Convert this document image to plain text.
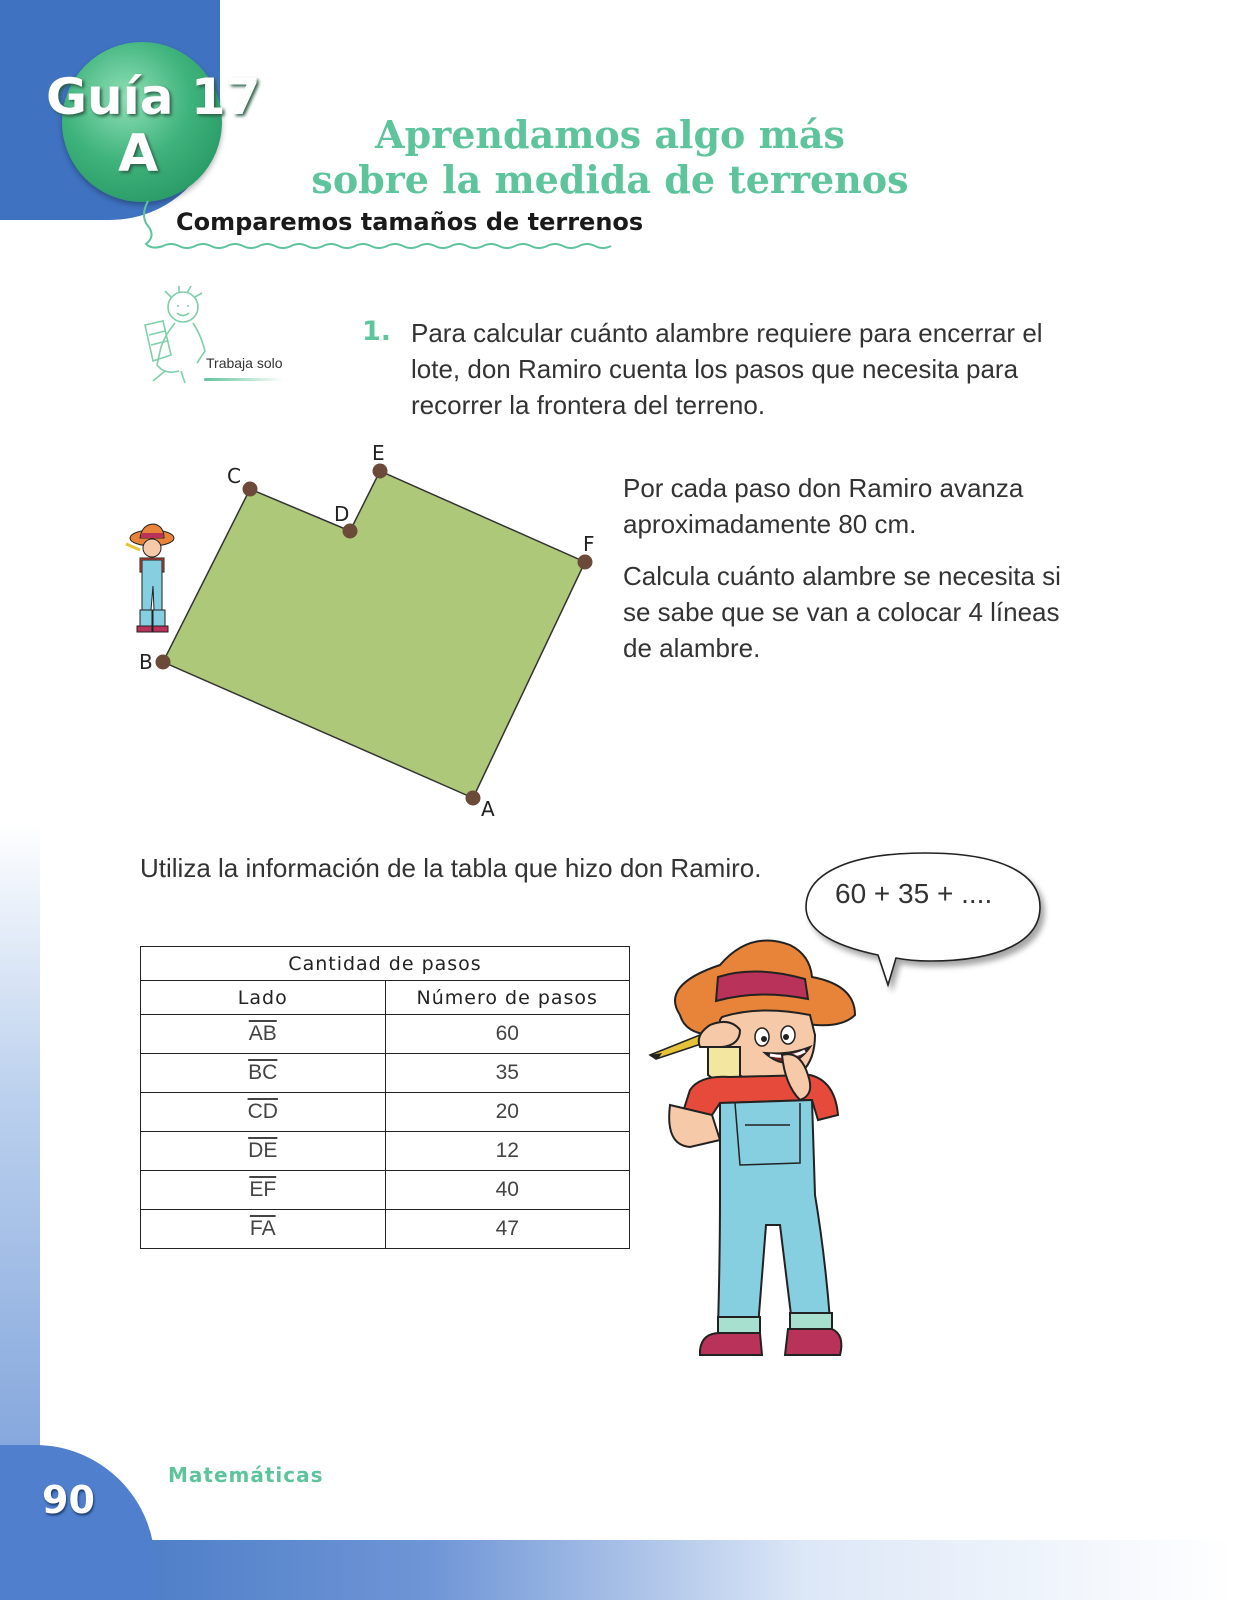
Guía 17
A	Aprendamos algo más
sobre la medida de terrenos
Comparemos tamaños de terrenos
Trabaja solo
1. Para calcular cuánto alambre requiere para encerrar el lote, don Ramiro cuenta los pasos que necesita para recorrer la frontera del terreno.
A
B
C
D
E
F
Por cada paso don Ramiro avanza aproximadamente 80 cm.
Calcula cuánto alambre se necesita si se sabe que se van a colocar 4 líneas de alambre.
Utiliza la información de la tabla que hizo don Ramiro.
Cantidad de pasos	
Lado	Número de pasos
$\overline{AB}$	60
$\overline{BC}$	35
$\overline{CD}$	20
$\overline{DE}$	12
$\overline{EF}$	40
$\overline{FA}$	47
60 + 35 + ....
Matemáticas
90
